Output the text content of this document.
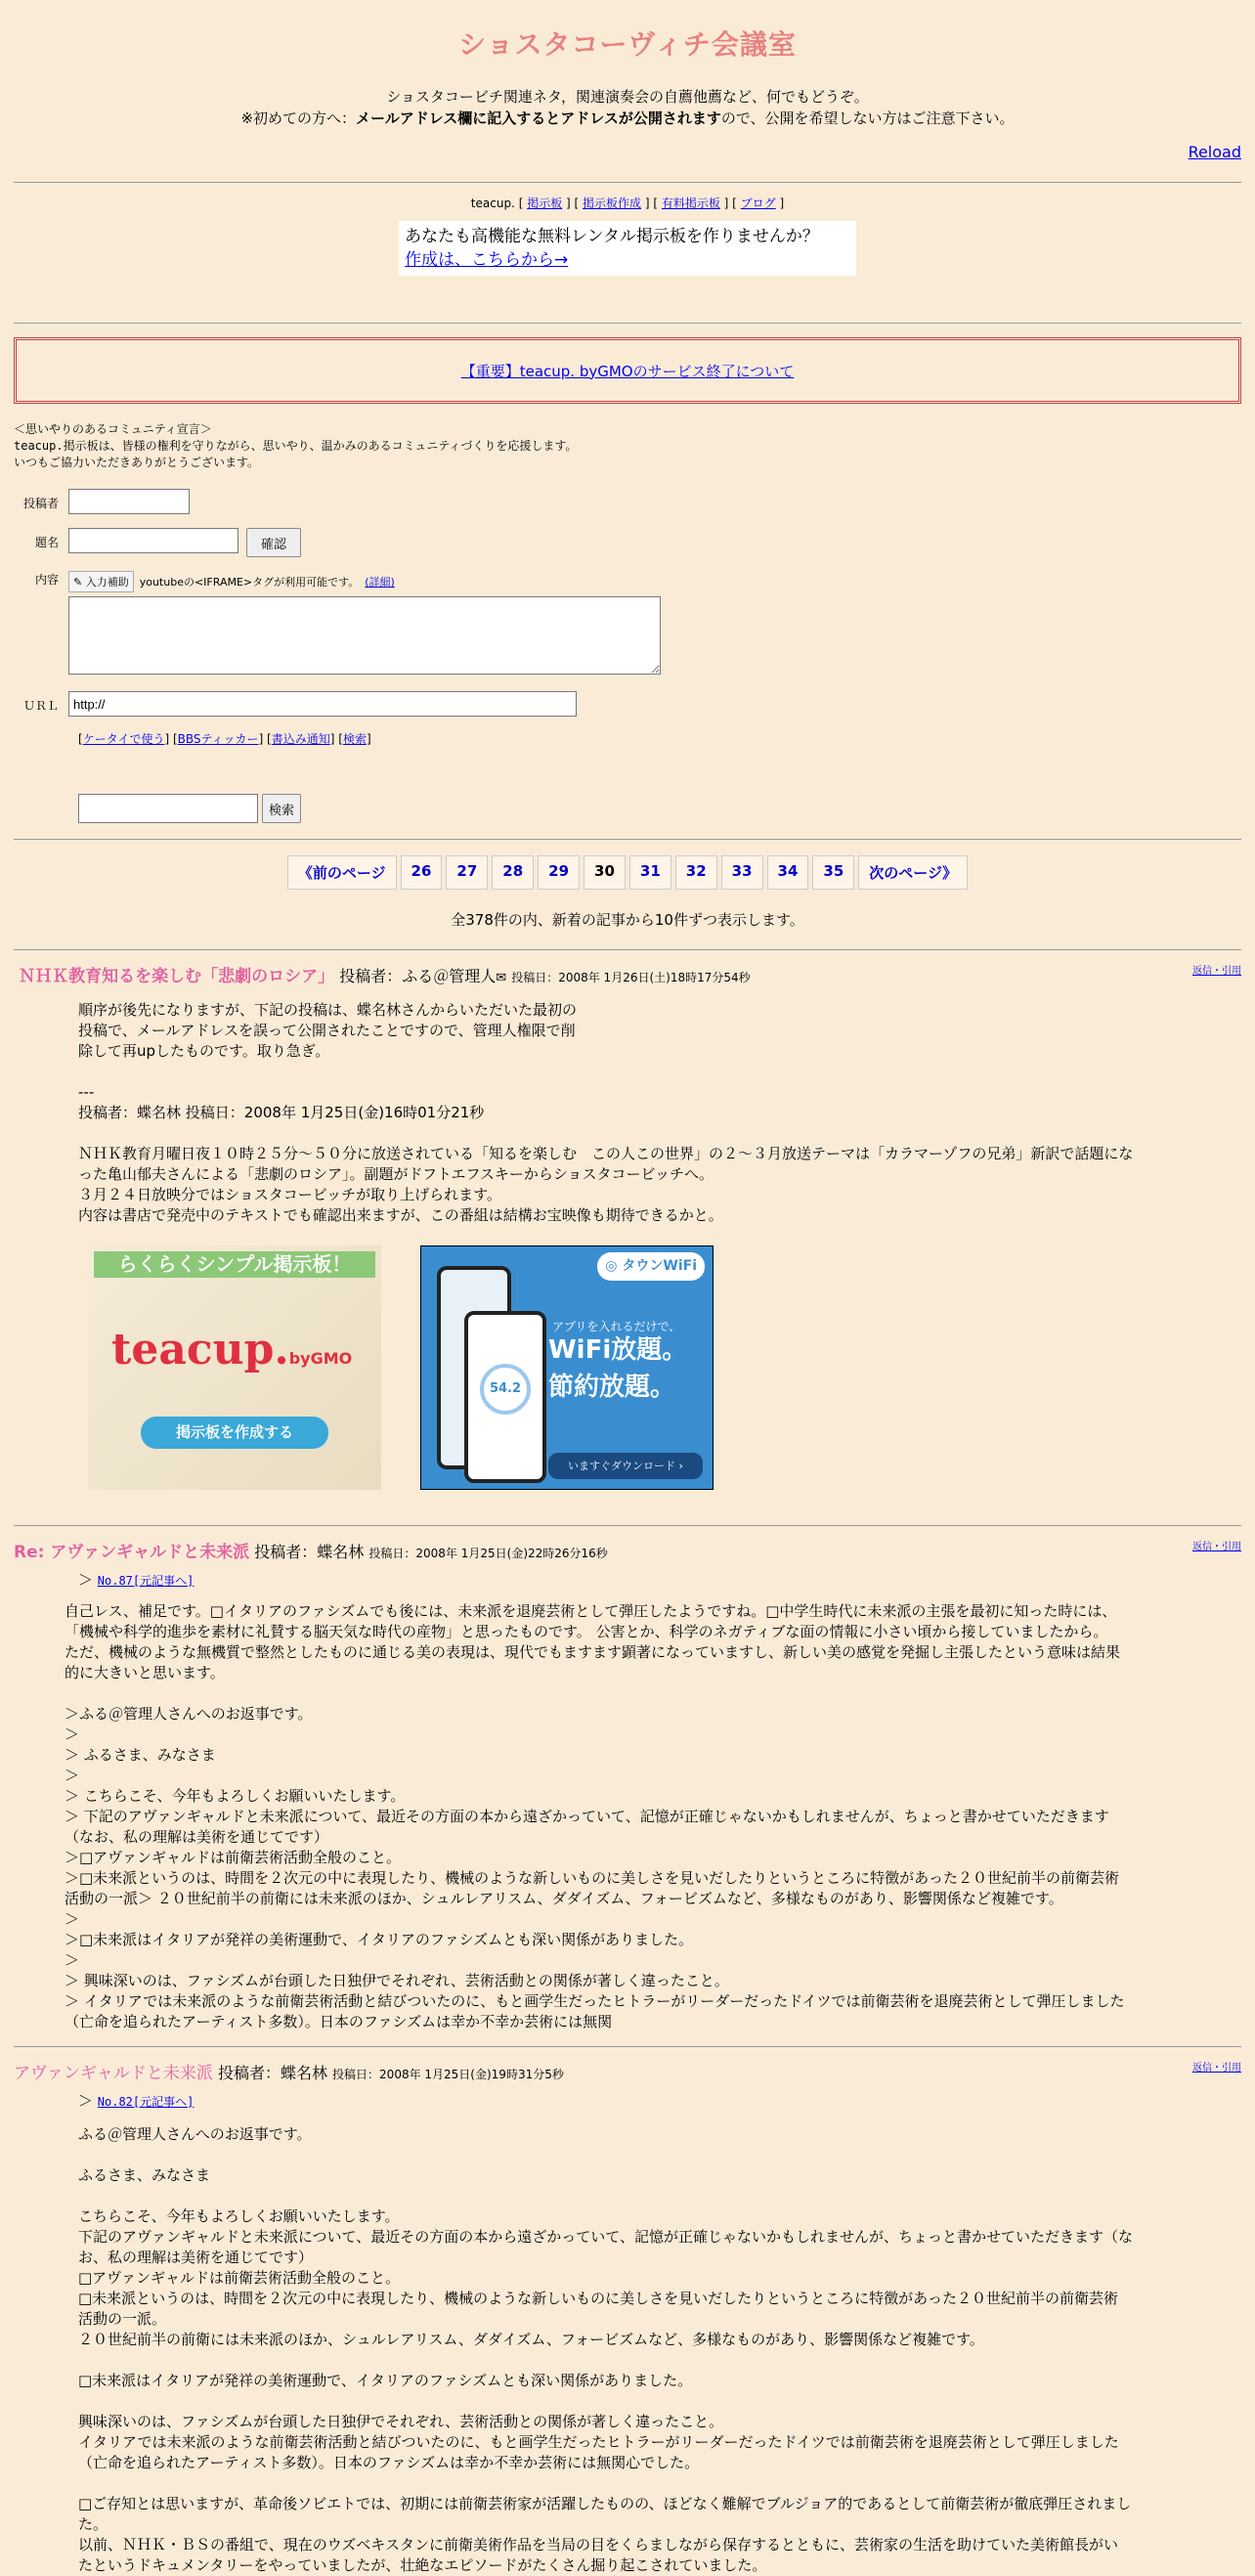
ショスタコーヴィチ会議室
ショスタコービチ関連ネタ，関連演奏会の自薦他薦など、何でもどうぞ。
※初めての方へ：メールアドレス欄に記入するとアドレスが公開されますので、公開を希望しない方はご注意下さい。
Reload
teacup. [ 掲示板 ] [ 掲示板作成 ] [ 有料掲示板 ] [ ブログ ]
あなたも高機能な無料レンタル掲示板を作りませんか？
作成は、こちらから→
【重要】teacup. byGMOのサービス終了について
＜思いやりのあるコミュニティ宣言＞
teacup.掲示板は、皆様の権利を守りながら、思いやり、温かみのあるコミュニティづくりを応援します。
いつもご協力いただきありがとうございます。
投稿者
題名	確認
内容	✎ 入力補助	youtubeの<IFRAME>タグが利用可能です。 (詳細)
ＵＲＬ
http://
[ケータイで使う] [BBSティッカー] [書込み通知] [検索]
検索
《前のページ	26	27	28	29	30	31	32	33	34	35	次のページ》
全378件の内、新着の記事から10件ずつ表示します。
ＮＨＫ教育知るを楽しむ「悲劇のロシア」 投稿者：ふる＠管理人✉ 投稿日：2008年 1月26日(土)18時17分54秒	返信・引用
順序が後先になりますが、下記の投稿は、蝶名林さんからいただいた最初の
投稿で、メールアドレスを誤って公開されたことですので、管理人権限で削
除して再upしたものです。取り急ぎ。
---
投稿者：蝶名林 投稿日：2008年 1月25日(金)16時01分21秒
ＮＨＫ教育月曜日夜１０時２５分～５０分に放送されている「知るを楽しむ　この人この世界」の２～３月放送テーマは「カラマーゾフの兄弟」新訳で話題にな
った亀山郁夫さんによる「悲劇のロシア」。副題がドフトエフスキーからショスタコービッチへ。
３月２４日放映分ではショスタコービッチが取り上げられます。
内容は書店で発売中のテキストでも確認出来ますが、この番組は結構お宝映像も期待できるかと。
らくらくシンプル掲示板！
teacup.byGMO
掲示板を作成する
54.2
◎ タウンWiFi
アプリを入れるだけで、
WiFi放題。
節約放題。
いますぐダウンロード ›
Re: アヴァンギャルドと未来派 投稿者：蝶名林 投稿日：2008年 1月25日(金)22時26分16秒	返信・引用
＞ No.87[元記事へ]
自己レス、補足です。□イタリアのファシズムでも後には、未来派を退廃芸術として弾圧したようですね。□中学生時代に未来派の主張を最初に知った時には、
「機械や科学的進歩を素材に礼賛する脳天気な時代の産物」と思ったものです。 公害とか、科学のネガティブな面の情報に小さい頃から接していましたから。
ただ、機械のような無機質で整然としたものに通じる美の表現は、現代でもますます顕著になっていますし、新しい美の感覚を発掘し主張したという意味は結果
的に大きいと思います。
＞ふる＠管理人さんへのお返事です。
＞
＞ ふるさま、みなさま
＞
＞ こちらこそ、今年もよろしくお願いいたします。
＞ 下記のアヴァンギャルドと未来派について、最近その方面の本から遠ざかっていて、記憶が正確じゃないかもしれませんが、ちょっと書かせていただきます
（なお、私の理解は美術を通じてです）
＞□アヴァンギャルドは前衛芸術活動全般のこと。
＞□未来派というのは、時間を２次元の中に表現したり、機械のような新しいものに美しさを見いだしたりというところに特徴があった２０世紀前半の前衛芸術
活動の一派＞ ２０世紀前半の前衛には未来派のほか、シュルレアリスム、ダダイズム、フォービズムなど、多様なものがあり、影響関係など複雑です。
＞
＞□未来派はイタリアが発祥の美術運動で、イタリアのファシズムとも深い関係がありました。
＞
＞ 興味深いのは、ファシズムが台頭した日独伊でそれぞれ、芸術活動との関係が著しく違ったこと。
＞ イタリアでは未来派のような前衛芸術活動と結びついたのに、もと画学生だったヒトラーがリーダーだったドイツでは前衛芸術を退廃芸術として弾圧しました
（亡命を追られたアーティスト多数）。日本のファシズムは幸か不幸か芸術には無関
アヴァンギャルドと未来派 投稿者：蝶名林 投稿日：2008年 1月25日(金)19時31分5秒	返信・引用
＞ No.82[元記事へ]
ふる＠管理人さんへのお返事です。
ふるさま、みなさま
こちらこそ、今年もよろしくお願いいたします。
下記のアヴァンギャルドと未来派について、最近その方面の本から遠ざかっていて、記憶が正確じゃないかもしれませんが、ちょっと書かせていただきます（な
お、私の理解は美術を通じてです）
□アヴァンギャルドは前衛芸術活動全般のこと。
□未来派というのは、時間を２次元の中に表現したり、機械のような新しいものに美しさを見いだしたりというところに特徴があった２０世紀前半の前衛芸術
活動の一派。
２０世紀前半の前衛には未来派のほか、シュルレアリスム、ダダイズム、フォービズムなど、多様なものがあり、影響関係など複雑です。
□未来派はイタリアが発祥の美術運動で、イタリアのファシズムとも深い関係がありました。
興味深いのは、ファシズムが台頭した日独伊でそれぞれ、芸術活動との関係が著しく違ったこと。
イタリアでは未来派のような前衛芸術活動と結びついたのに、もと画学生だったヒトラーがリーダーだったドイツでは前衛芸術を退廃芸術として弾圧しました
（亡命を追られたアーティスト多数）。日本のファシズムは幸か不幸か芸術には無関心でした。
□ご存知とは思いますが、革命後ソビエトでは、初期には前衛芸術家が活躍したものの、ほどなく難解でブルジョア的であるとして前衛芸術が徹底弾圧されまし
た。
以前、ＮＨＫ・ＢＳの番組で、現在のウズベキスタンに前衛美術作品を当局の目をくらましながら保存するとともに、芸術家の生活を助けていた美術館長がい
たというドキュメンタリーをやっていましたが、壮絶なエピソードがたくさん掘り起こされていました。
